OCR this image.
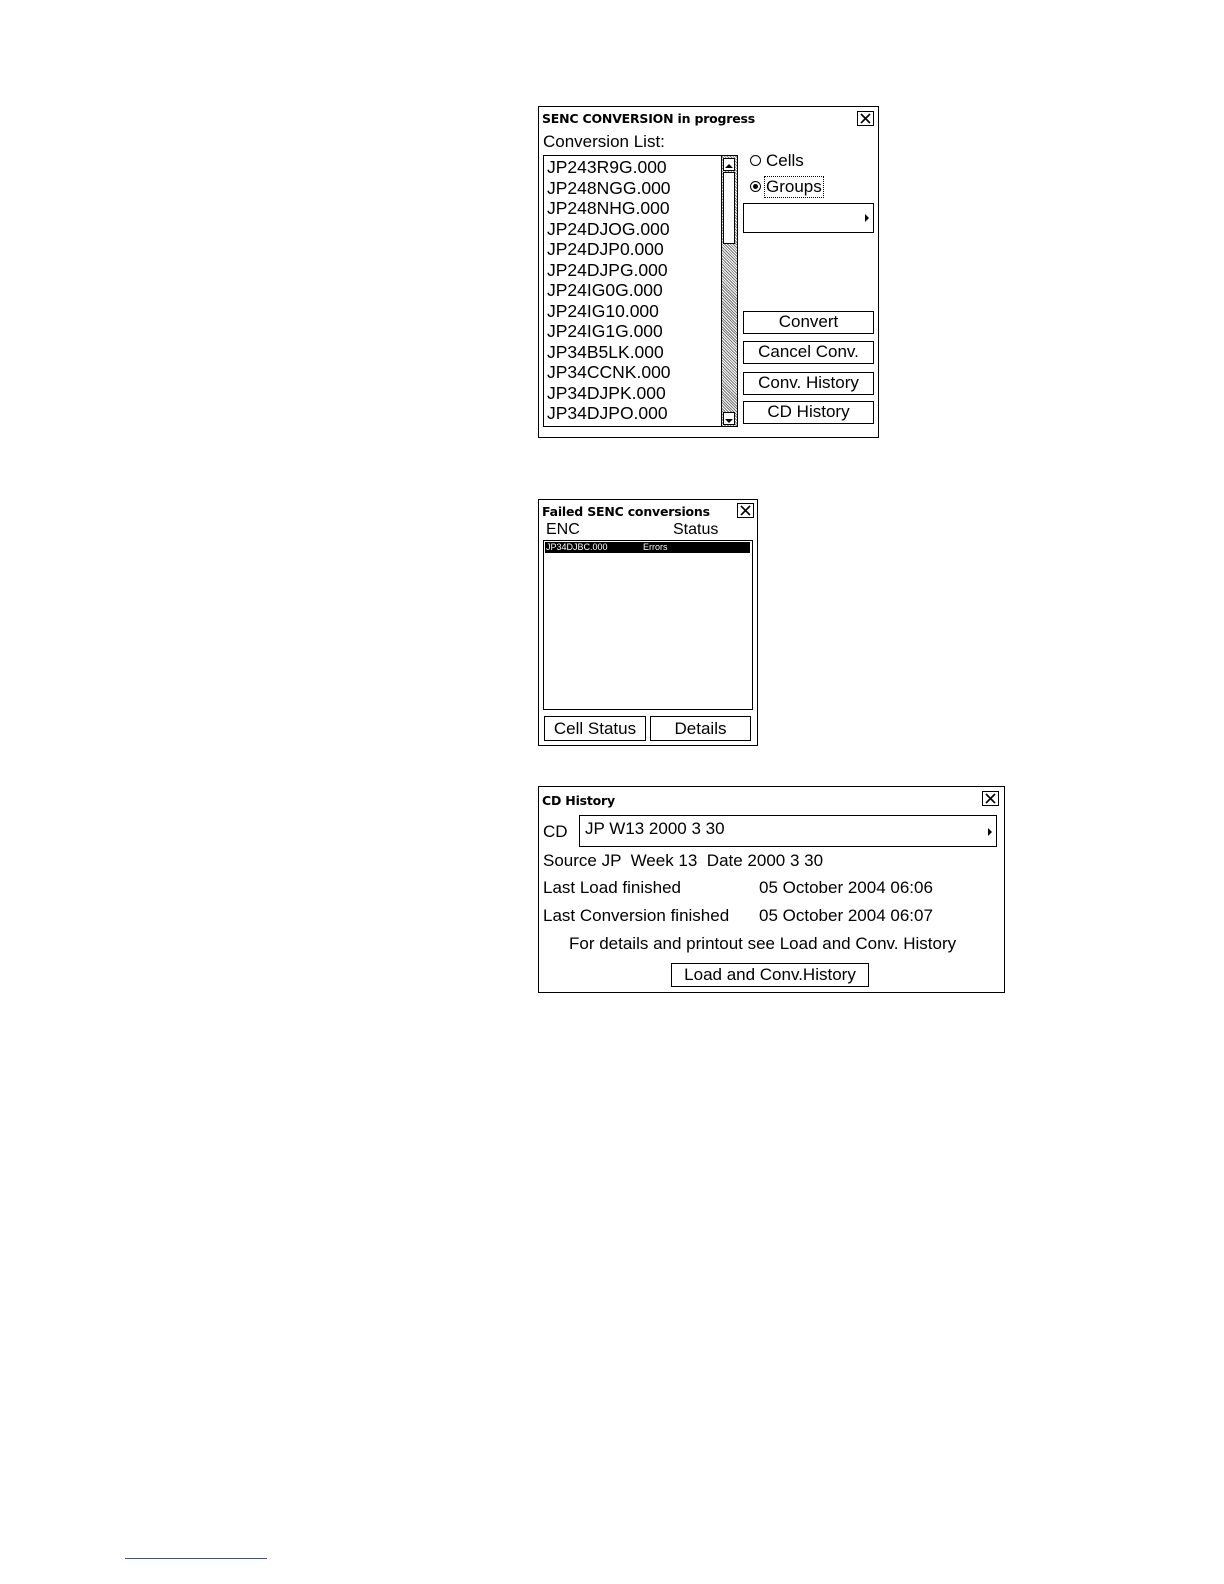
SENC CONVERSION in progress
Conversion List:
JP243R9G.000
JP248NGG.000
JP248NHG.000
JP24DJOG.000
JP24DJP0.000
JP24DJPG.000
JP24IG0G.000
JP24IG10.000
JP24IG1G.000
JP34B5LK.000
JP34CCNK.000
JP34DJPK.000
JP34DJPO.000
Cells
Groups
Convert
Cancel Conv.
Conv. History
CD History
Failed SENC conversions
ENC	Status
JP34DJBC.000	Errors
Cell Status	Details
CD History
CD JP W13 2000 3 30
Source JP  Week 13  Date 2000 3 30
Last Load finished	05 October 2004 06:06
Last Conversion finished 05 October 2004 06:07
For details and printout see Load and Conv. History
Load and Conv.History
